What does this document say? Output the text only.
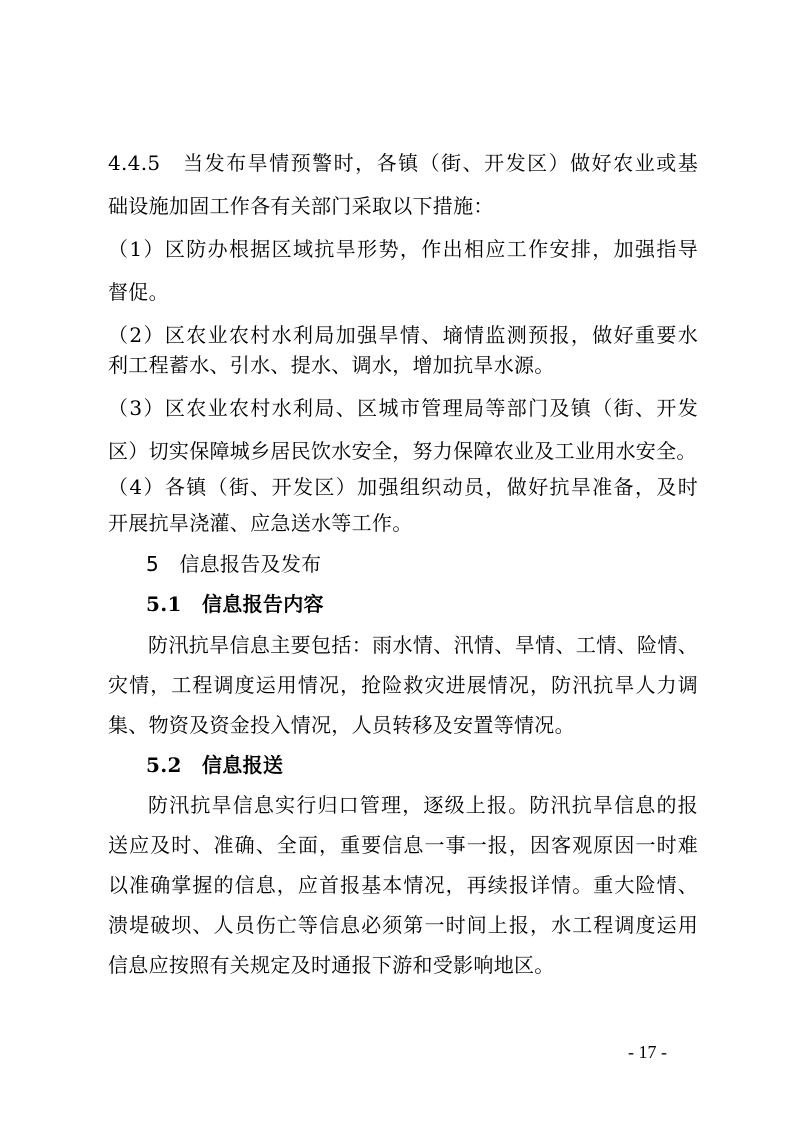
4.4.5　当发布旱情预警时，各镇（街、开发区）做好农业或基
础设施加固工作各有关部门采取以下措施：
（1）区防办根据区域抗旱形势，作出相应工作安排，加强指导
督促。
（2）区农业农村水利局加强旱情、墒情监测预报，做好重要水
利工程蓄水、引水、提水、调水，增加抗旱水源。
（3）区农业农村水利局、区城市管理局等部门及镇（街、开发
区）切实保障城乡居民饮水安全，努力保障农业及工业用水安全。
（4）各镇（街、开发区）加强组织动员，做好抗旱准备，及时
开展抗旱浇灌、应急送水等工作。
5　信息报告及发布
5.1　信息报告内容
防汛抗旱信息主要包括：雨水情、汛情、旱情、工情、险情、
灾情，工程调度运用情况，抢险救灾进展情况，防汛抗旱人力调
集、物资及资金投入情况，人员转移及安置等情况。
5.2　信息报送
防汛抗旱信息实行归口管理，逐级上报。防汛抗旱信息的报
送应及时、准确、全面，重要信息一事一报，因客观原因一时难
以准确掌握的信息，应首报基本情况，再续报详情。重大险情、
溃堤破坝、人员伤亡等信息必须第一时间上报，水工程调度运用
信息应按照有关规定及时通报下游和受影响地区。
- 17 -
